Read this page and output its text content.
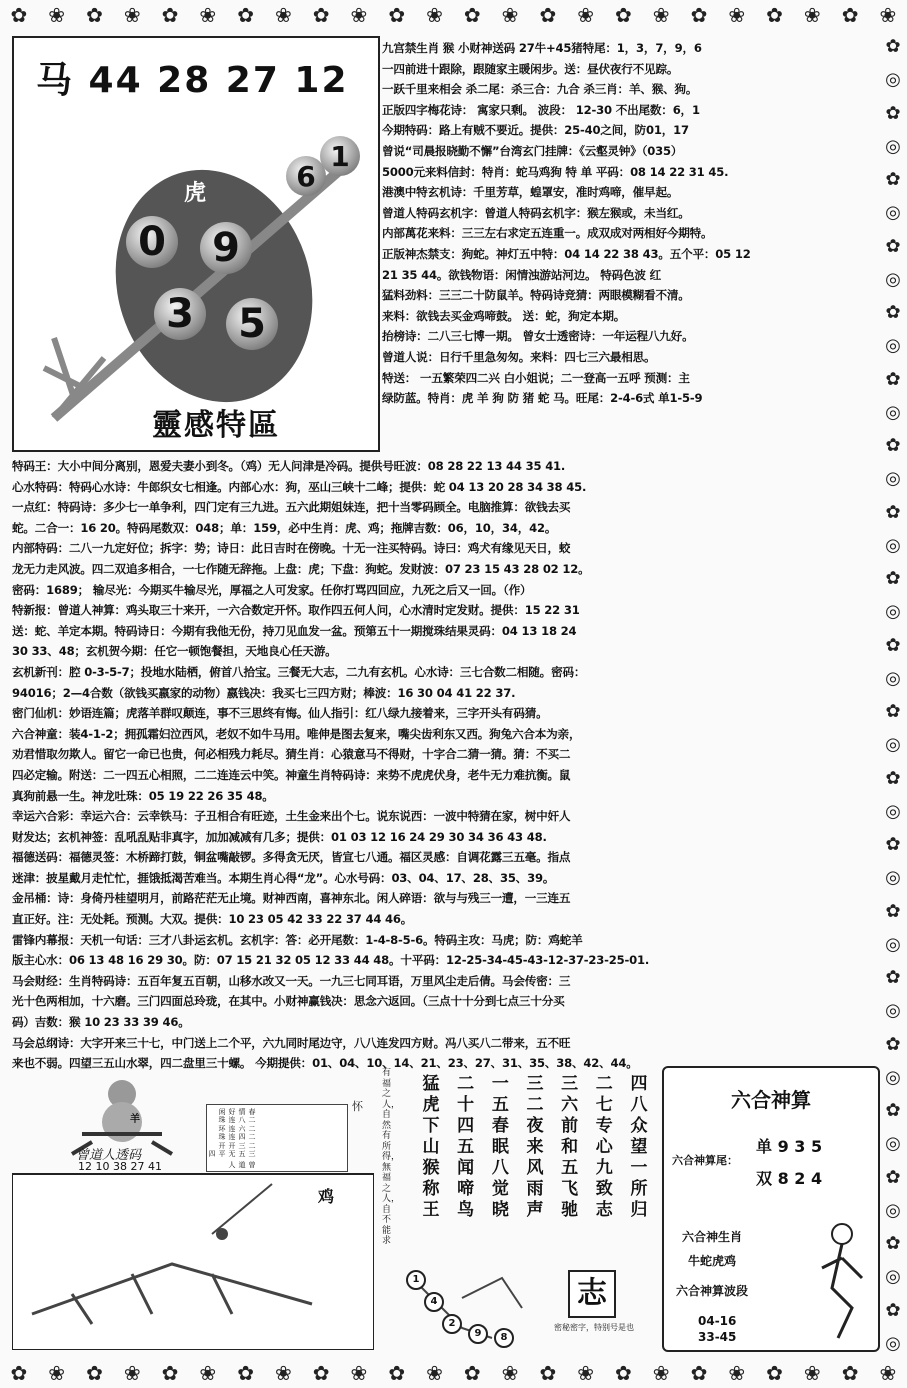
✿ ❀ ✿ ❀ ✿ ❀ ✿ ❀ ✿ ❀ ✿ ❀ ✿ ❀ ✿ ❀ ✿ ❀ ✿ ❀ ✿ ❀ ✿ ❀
✿ ❀ ✿ ❀ ✿ ❀ ✿ ❀ ✿ ❀ ✿ ❀ ✿ ❀ ✿ ❀ ✿ ❀ ✿ ❀ ✿ ❀ ✿ ❀
✿
◎
✿
◎
✿
◎
✿
◎
✿
◎
✿
◎
✿
◎
✿
◎
✿
◎
✿
◎
✿
◎
✿
◎
✿
◎
✿
◎
✿
◎
✿
◎
✿
◎
✿
◎
✿
◎
✿
◎
马 44 28 27 12
虎
0	9
3	5
6
1
靈感特區
九宫禁生肖 猴 小财神送码 27牛+45猪特尾：1，3，7，9，6
一四前进十跟除，跟随家主暖闲步。送：昼伏夜行不见踪。
一跃千里来相会 杀二尾：杀三合：九合 杀三肖：羊、猴、狗。
正版四字梅花诗： 寓家只剩。 波段： 12-30 不出尾数：6，1
今期特码：路上有贼不要近。提供：25-40之间，防01，17
曾说“司晨报晓勤不懈”台湾玄门挂牌：《云壑灵钟》（035）
5000元来料信封：特肖：蛇马鸡狗 特 单 平码：08 14 22 31 45.
港澳中特玄机诗：千里芳草，蝗罩安，准时鸡啼，催早起。
曾道人特码玄机字：曾道人特码玄机字：猴左猴或，未当红。
内部萬花来料：三三左右求定五连重一。成双成对两相好今期特。
正版神杰禁支：狗蛇。神灯五中特：04 14 22 38 43。五个平：05 12
21 35 44。欲钱物语：闲情浊游站河边。 特码色波 红
猛料劲料：三三二十防鼠羊。特码诗竞猜：两眼模糊看不清。
来料：欲钱去买金鸡啼鼓。 送：蛇，狗定本期。
抬榜诗：二八三七博一期。 曾女士透密诗：一年运程八九好。
曾道人说：日行千里急匆匆。来料：四七三六最相思。
特送： 一五繁荣四二兴 白小姐说；二一登高一五呼 预测：主
绿防蓝。特肖：虎 羊 狗 防 猪 蛇 马。旺尾：2-4-6式 单1-5-9
特码王：大小中间分离别，恩爱夫妻小到冬。（鸡）无人问津是冷码。提供号旺波：08 28 22 13 44 35 41.
心水特码：特码心水诗：牛郎织女七相逢。内部心水：狗，巫山三峡十二峰；提供：蛇 04 13 20 28 34 38 45.
一点红：特码诗：多少七一单争利，四门定有三九进。五六此期姐妹连，把十当零码顾全。电脑推算：欲钱去买
蛇。二合一：16 20。特码尾数双：048；单：159，必中生肖：虎、鸡；拖牌吉数：06，10，34，42。
内部特码：二八一九定好位；拆字：势；诗日：此日吉时在傍晚。十无一注买特码。诗曰：鸡犬有缘见天日，蛟
龙无力走风波。四二双追多相合，一七作随无辞拖。上盘：虎；下盘：狗蛇。发财波：07 23 15 43 28 02 12。
密码：1689； 输尽光：今期买牛输尽光，厚福之人可发家。任你打骂四回应，九死之后又一回。（作）
特新报：曾道人神算：鸡头取三十来开，一六合数定开怀。取作四五何人问，心水清时定发财。提供：15 22 31
送：蛇、羊定本期。特码诗日：今期有我他无份，持刀见血发一盆。预第五十一期搅珠结果灵码：04 13 18 24
30 33、48；玄机贺今期：任它一顿饱餐担，天地良心任天游。
玄机新刊：腔 0-3-5-7；投地水陆栖，俯首八拾宝。三餐无大志，二九有玄机。心水诗：三七合数二相随。密码：
94016；2—4合数（欲钱买嬴家的动物）嬴钱决：我买七三四方财；棒波：16 30 04 41 22 37.
密门仙机：妙语连篇；虎落羊群叹颠连，事不三思终有悔。仙人指引：红八绿九接着来，三字开头有码猜。
六合神童：装4-1-2；拥孤霜妇泣西风，老奴不如牛马用。唯伸是图去复来，嘴尖齿利东又西。狗兔六合本为亲，
劝君惜取勿欺人。留它一命已也贵，何必相残力耗尽。猜生肖：心猿意马不得财，十字合二猜一猜。猜：不买二
四必定输。附送：二一四五心相照，二二连连云中笑。神童生肖特码诗：来势不虎虎伏身，老牛无力难抗衡。鼠
真狗前悬一生。神龙吐珠：05 19 22 26 35 48。
幸运六合彩：幸运六合：云幸铁马：子丑相合有旺迹，土生金来出个七。说东说西：一波中特猜在家，树中奸人
财发达；玄机神签：乱吼乱贴非真字，加加减减有几多；提供：01 03 12 16 24 29 30 34 36 43 48.
福德送码：福德灵签：木桥蹄打鼓，铜盆嘴敲锣。多得贪无厌，皆宣七八通。福区灵感：自调花露三五毫。指点
迷津：披星戴月走忙忙，捱饿抵渴苦难当。本期生肖心得“龙”。心水号码：03、04、17、28、35、39。
金吊桶：诗：身倚丹桂望明月，前路茫茫无止境。财神西南，喜神东北。闲人碎语：欲与与残三一遭，一三连五
直正好。注：无处耗。预测。大双。提供：10 23 05 42 33 22 37 44 46。
雷锋内幕报：天机一句话：三才八卦运玄机。玄机字：答：必开尾数：1-4-8-5-6。特码主攻：马虎；防：鸡蛇羊
版主心水：06 13 48 16 29 30。防：07 15 21 32 05 12 33 44 48。十平码：12-25-34-45-43-12-37-23-25-01.
马会财经：生肖特码诗：五百年复五百朝，山移水改又一天。一九三七同耳语，万里风尘走后倩。马会传密：三
光十色两相加，十六磨。三门四面总玲珑，在其中。小财神赢钱决：思念六返回。（三点十十分到七点三十分买
码）吉数：猴 10 23 33 39 46。
马会总纲诗：大字开来三十七，中门送上二个平，六九同时尾边守，八八连发四方财。冯八买八二带来，五不旺
来也不弱。四望三五山水翠，四二盘里三十螺。 今期提供：01、04、10、14、21、23、27、31、35、38、42、44。
羊
曾道人透码
12 10 38 27 41
春情好闲
二八连珠
二六连环
二四连珠
二三开开
三五无平四
曾道人
怀
鸡
有福之人，自然有所得，無福之人，自不能求
猛虎下山猴称王
二十四五闻啼鸟
一五春眠八觉晓
三二夜来风雨声
三六前和五飞驰
二七专心九致志
四八众望一所归
1
4
2
9	8
志
密秘密字，特别号是也
六合神算
六合神算尾：
单 9 3 5
双 8 2 4
六合神生肖
牛蛇虎鸡
六合神算波段
04-16
33-45
